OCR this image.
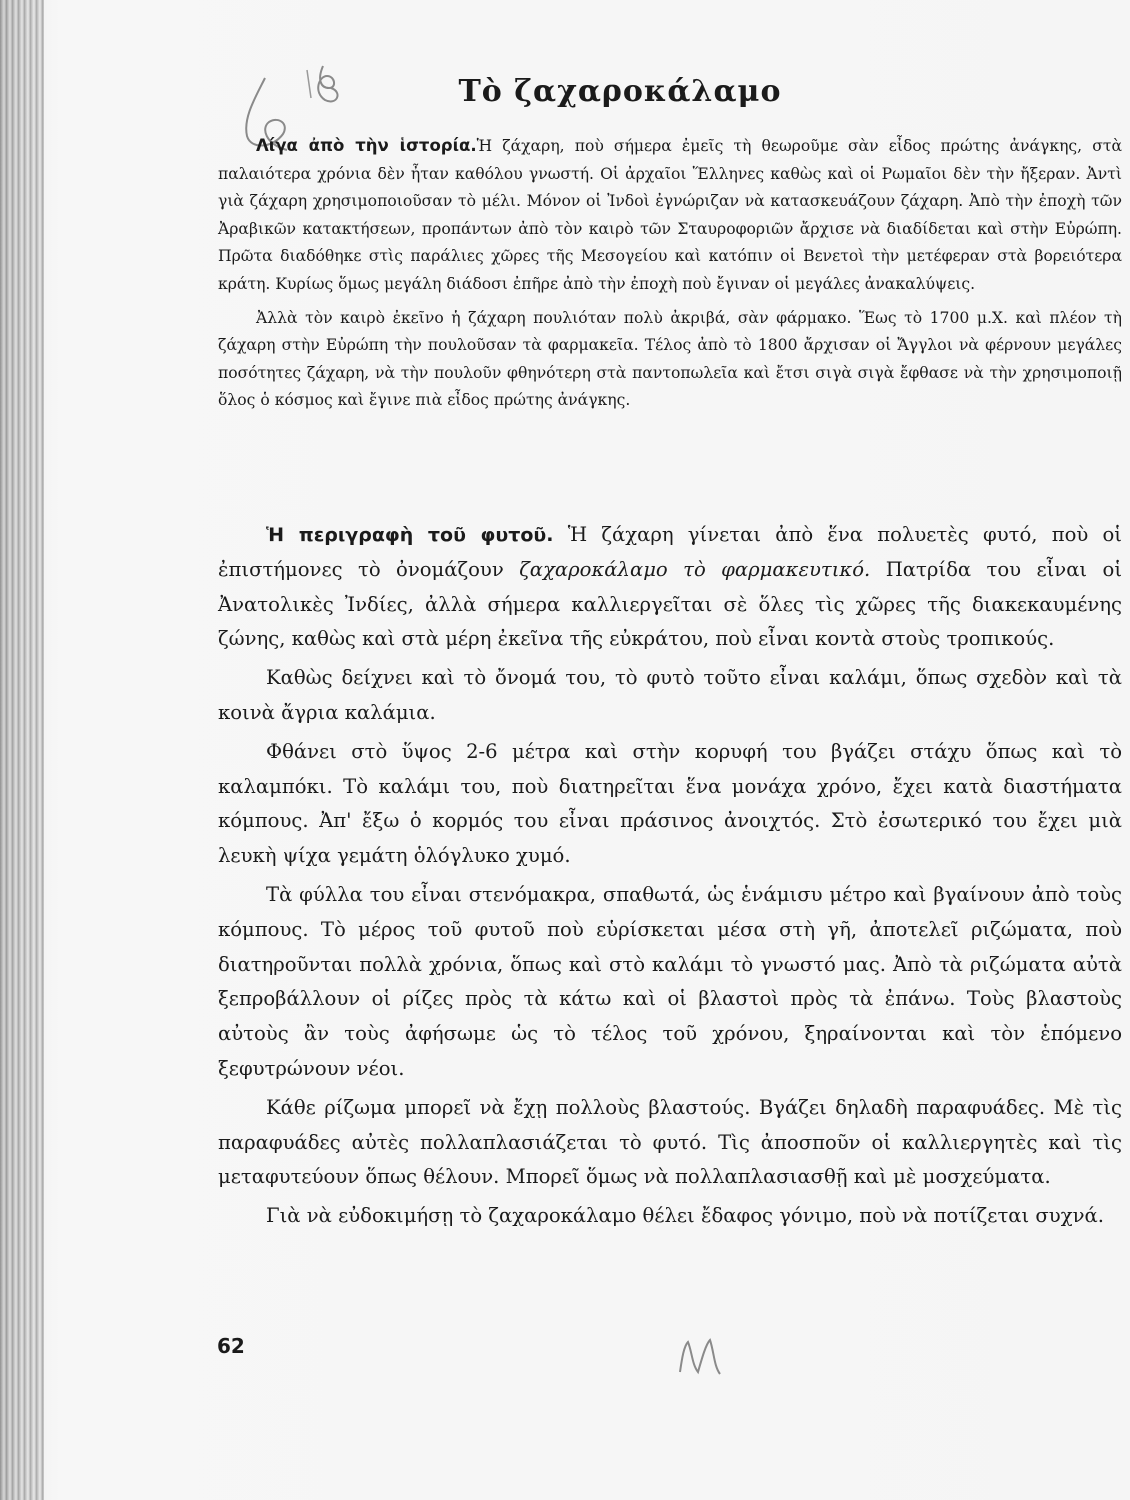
Τὸ ζαχαροκάλαμο

Λίγα ἀπὸ τὴν ἱστορία.Ἡ ζάχαρη, ποὺ σήμερα ἐμεῖς τὴ θεωροῦμε σὰν εἶδος πρώτης ἀνάγκης, στὰ παλαιότερα χρόνια δὲν ἦταν καθόλου γνωστή. Οἱ ἀρχαῖοι Ἕλληνες καθὼς καὶ οἱ Ρωμαῖοι δὲν τὴν ἤξεραν. Ἀντὶ γιὰ ζάχαρη χρησιμοποιοῦσαν τὸ μέλι. Μόνον οἱ Ἰνδοὶ ἐγνώριζαν νὰ κατασκευάζουν ζάχαρη. Ἀπὸ τὴν ἐποχὴ τῶν Ἀραβικῶν κατακτήσεων, προπάντων ἀπὸ τὸν καιρὸ τῶν Σταυροφοριῶν ἄρχισε νὰ διαδίδεται καὶ στὴν Εὐρώπη. Πρῶτα διαδόθηκε στὶς παράλιες χῶρες τῆς Μεσογείου καὶ κατόπιν οἱ Βενετοὶ τὴν μετέφεραν στὰ βορειότερα κράτη. Κυρίως ὅμως μεγάλη διάδοσι ἐπῆρε ἀπὸ τὴν ἐποχὴ ποὺ ἔγιναν οἱ μεγάλες ἀνακαλύψεις.

Ἀλλὰ τὸν καιρὸ ἐκεῖνο ἡ ζάχαρη πουλιόταν πολὺ ἀκριβά, σὰν φάρμακο. Ἕως τὸ 1700 μ.Χ. καὶ πλέον τὴ ζάχαρη στὴν Εὐρώπη τὴν πουλοῦσαν τὰ φαρμακεῖα. Τέλος ἀπὸ τὸ 1800 ἄρχισαν οἱ Ἄγγλοι νὰ φέρνουν μεγάλες ποσότητες ζάχαρη, νὰ τὴν πουλοῦν φθηνότερη στὰ παντοπωλεῖα καὶ ἔτσι σιγὰ σιγὰ ἔφθασε νὰ τὴν χρησιμοποιῇ ὅλος ὁ κόσμος καὶ ἔγινε πιὰ εἶδος πρώτης ἀνάγκης.

Ἡ περιγραφὴ τοῦ φυτοῦ. Ἡ ζάχαρη γίνεται ἀπὸ ἕνα πολυετὲς φυτό, ποὺ οἱ ἐπιστήμονες τὸ ὀνομάζουν ζαχαροκάλαμο τὸ φαρμακευτικό. Πατρίδα του εἶναι οἱ Ἀνατολικὲς Ἰνδίες, ἀλλὰ σήμερα καλλιεργεῖται σὲ ὅλες τὶς χῶρες τῆς διακεκαυμένης ζώνης, καθὼς καὶ στὰ μέρη ἐκεῖνα τῆς εὐκράτου, ποὺ εἶναι κοντὰ στοὺς τροπικούς.

Καθὼς δείχνει καὶ τὸ ὄνομά του, τὸ φυτὸ τοῦτο εἶναι καλάμι, ὅπως σχεδὸν καὶ τὰ κοινὰ ἄγρια καλάμια.

Φθάνει στὸ ὕψος 2-6 μέτρα καὶ στὴν κορυφή του βγάζει στάχυ ὅπως καὶ τὸ καλαμπόκι. Τὸ καλάμι του, ποὺ διατηρεῖται ἕνα μονάχα χρόνο, ἔχει κατὰ διαστήματα κόμπους. Ἀπ' ἔξω ὁ κορμός του εἶναι πράσινος ἀνοιχτός. Στὸ ἐσωτερικό του ἔχει μιὰ λευκὴ ψίχα γεμάτη ὁλόγλυκο χυμό.

Τὰ φύλλα του εἶναι στενόμακρα, σπαθωτά, ὡς ἑνάμισυ μέτρο καὶ βγαίνουν ἀπὸ τοὺς κόμπους. Τὸ μέρος τοῦ φυτοῦ ποὺ εὑρίσκεται μέσα στὴ γῆ, ἀποτελεῖ ριζώματα, ποὺ διατηροῦνται πολλὰ χρόνια, ὅπως καὶ στὸ καλάμι τὸ γνωστό μας. Ἀπὸ τὰ ριζώματα αὐτὰ ξεπροβάλλουν οἱ ρίζες πρὸς τὰ κάτω καὶ οἱ βλαστοὶ πρὸς τὰ ἐπάνω. Τοὺς βλαστοὺς αὐτοὺς ἂν τοὺς ἀφήσωμε ὡς τὸ τέλος τοῦ χρόνου, ξηραίνονται καὶ τὸν ἑπόμενο ξεφυτρώνουν νέοι.

Κάθε ρίζωμα μπορεῖ νὰ ἔχῃ πολλοὺς βλαστούς. Βγάζει δηλαδὴ παραφυάδες. Μὲ τὶς παραφυάδες αὐτὲς πολλαπλασιάζεται τὸ φυτό. Τὶς ἀποσποῦν οἱ καλλιεργητὲς καὶ τὶς μεταφυτεύουν ὅπως θέλουν. Μπορεῖ ὅμως νὰ πολλαπλασιασθῇ καὶ μὲ μοσχεύματα.

Γιὰ νὰ εὐδοκιμήσῃ τὸ ζαχαροκάλαμο θέλει ἔδαφος γόνιμο, ποὺ νὰ ποτίζεται συχνά.

62
